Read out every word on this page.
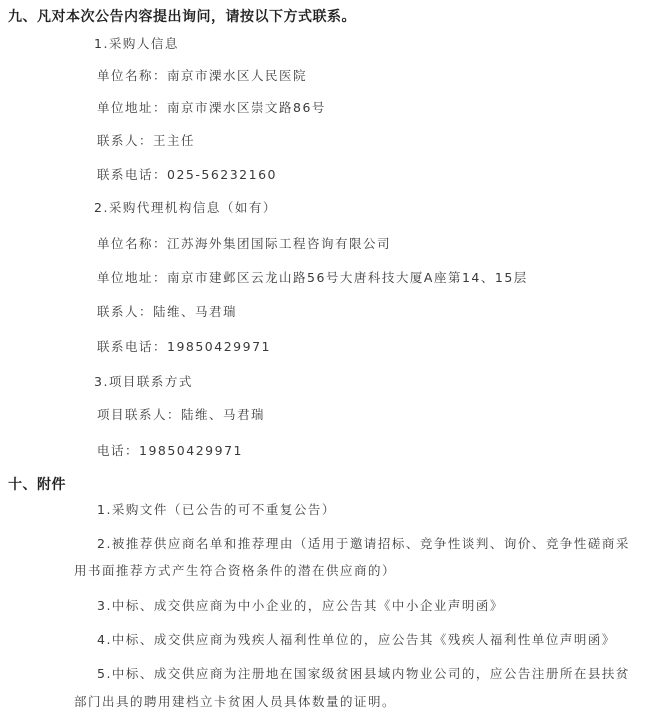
九、凡对本次公告内容提出询问，请按以下方式联系。
1.采购人信息
单位名称：南京市溧水区人民医院
单位地址：南京市溧水区崇文路86号
联系人：王主任
联系电话：025-56232160
2.采购代理机构信息（如有）
单位名称：江苏海外集团国际工程咨询有限公司
单位地址：南京市建邺区云龙山路56号大唐科技大厦A座第14、15层
联系人：陆维、马君瑞
联系电话：19850429971
3.项目联系方式
项目联系人：陆维、马君瑞
电话：19850429971
十、附件
1.采购文件（已公告的可不重复公告）
2.被推荐供应商名单和推荐理由（适用于邀请招标、竞争性谈判、询价、竞争性磋商采
用书面推荐方式产生符合资格条件的潜在供应商的）
3.中标、成交供应商为中小企业的，应公告其《中小企业声明函》
4.中标、成交供应商为残疾人福利性单位的，应公告其《残疾人福利性单位声明函》
5.中标、成交供应商为注册地在国家级贫困县域内物业公司的，应公告注册所在县扶贫
部门出具的聘用建档立卡贫困人员具体数量的证明。
